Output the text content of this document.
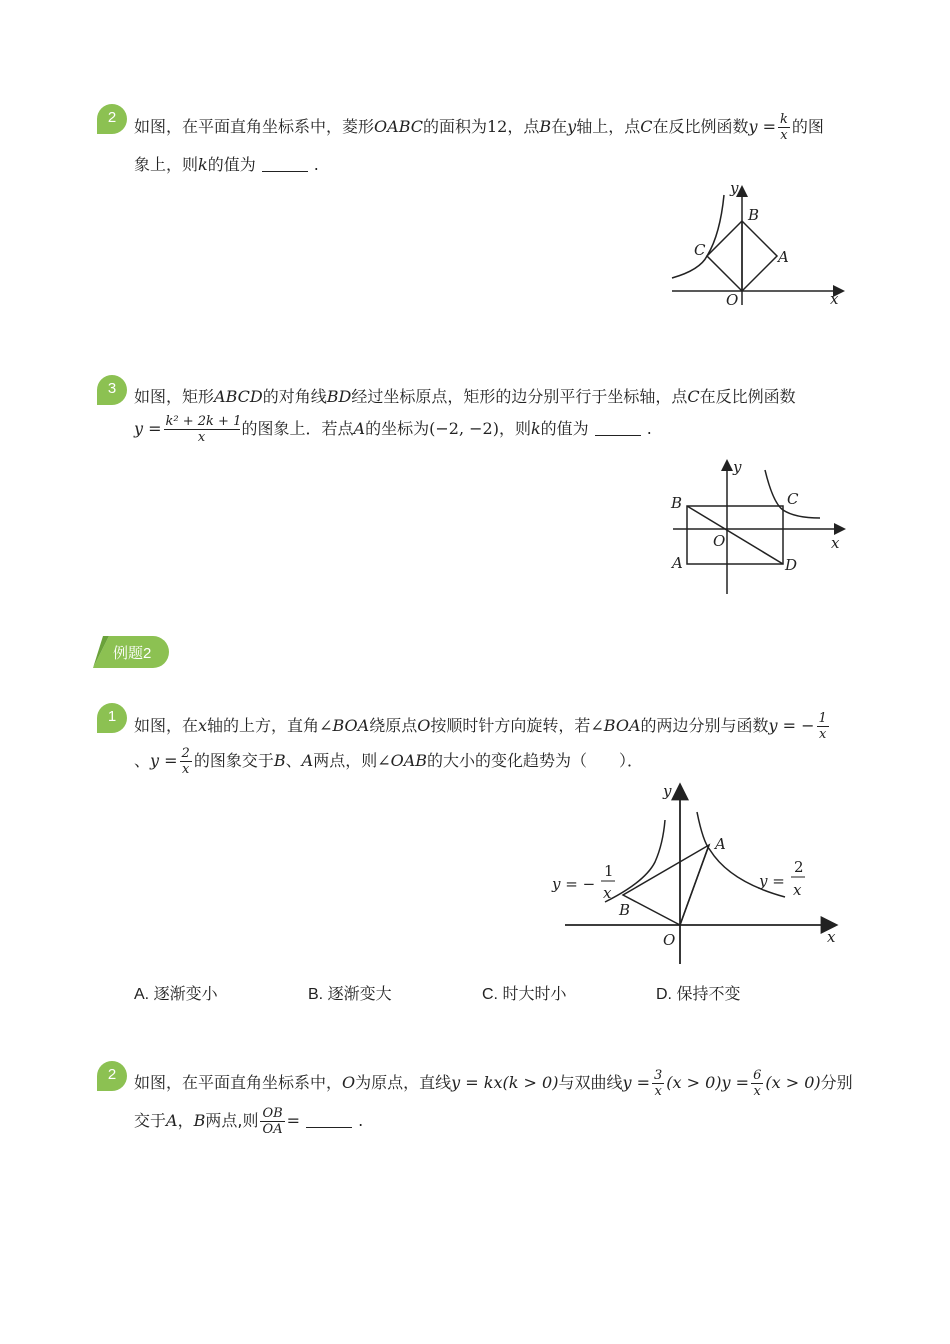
2	如图，在平面直角坐标系中，菱形OABC的面积为12，点B在y轴上，点C在反比例函数$y = \frac{k}{x}$ 的图
象上，则k的值为	.
y
B
C	A
O	x
3	如图，矩形ABCD的对角线BD经过坐标原点，矩形的边分别平行于坐标轴，点C在反比例函数
$y = \frac{\text{k² + 2k + 1}}{x}$ 的图象上．若点A的坐标为(−2, −2)，则k的值为	.
y
B	C
O	x
A	D
例题2
1	如图，在x轴的上方，直角∠BOA绕原点O按顺时针方向旋转，若∠BOA的两边分别与函数y = − $\frac{1}{x}$
、$y = \frac{2}{x}$ 的图象交于B、A两点，则∠OAB的大小的变化趋势为（　　）．
y
A
B
O	x
y = −
1
x
y =
2
x
A. 逐渐变小	B. 逐渐变大	C. 时大时小	D. 保持不变
2	如图，在平面直角坐标系中，O为原点，直线y = kx(k > 0)与双曲线$y = \frac{3}{x} (x > 0)y = \frac{6}{x} (x > 0)$分别
交于A，B两点,则 $\frac{OB}{OA}$ =	.
